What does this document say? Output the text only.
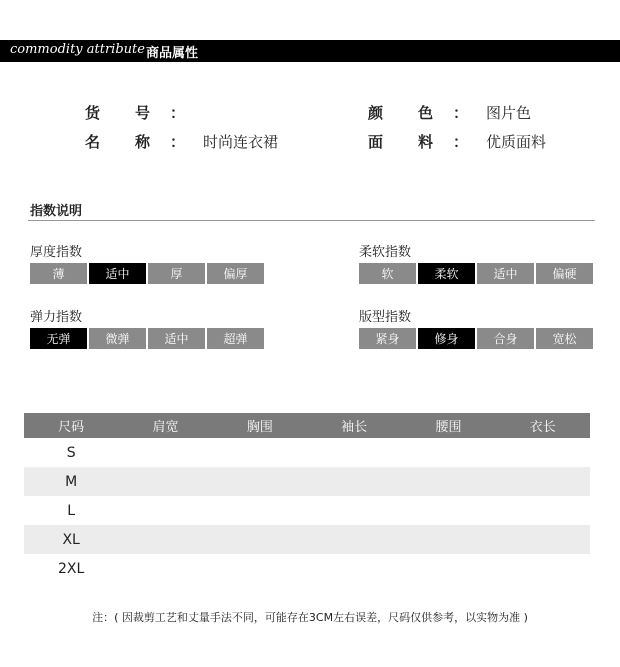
commodity attribute 商品属性
货 号 ：
名 称 ： 时尚连衣裙
颜 色 ： 图片色
面 料 ： 优质面料
指数说明
厚度指数
薄	适中	厚	偏厚
柔软指数
软	柔软	适中	偏硬
弹力指数
无弹	微弹	适中	超弹
版型指数
紧身	修身	合身	宽松
尺码	肩宽	胸围	袖长	腰围	衣长
S
M
L
XL
2XL
注：( 因裁剪工艺和丈量手法不同，可能存在3CM左右误差，尺码仅供参考，以实物为准 )
